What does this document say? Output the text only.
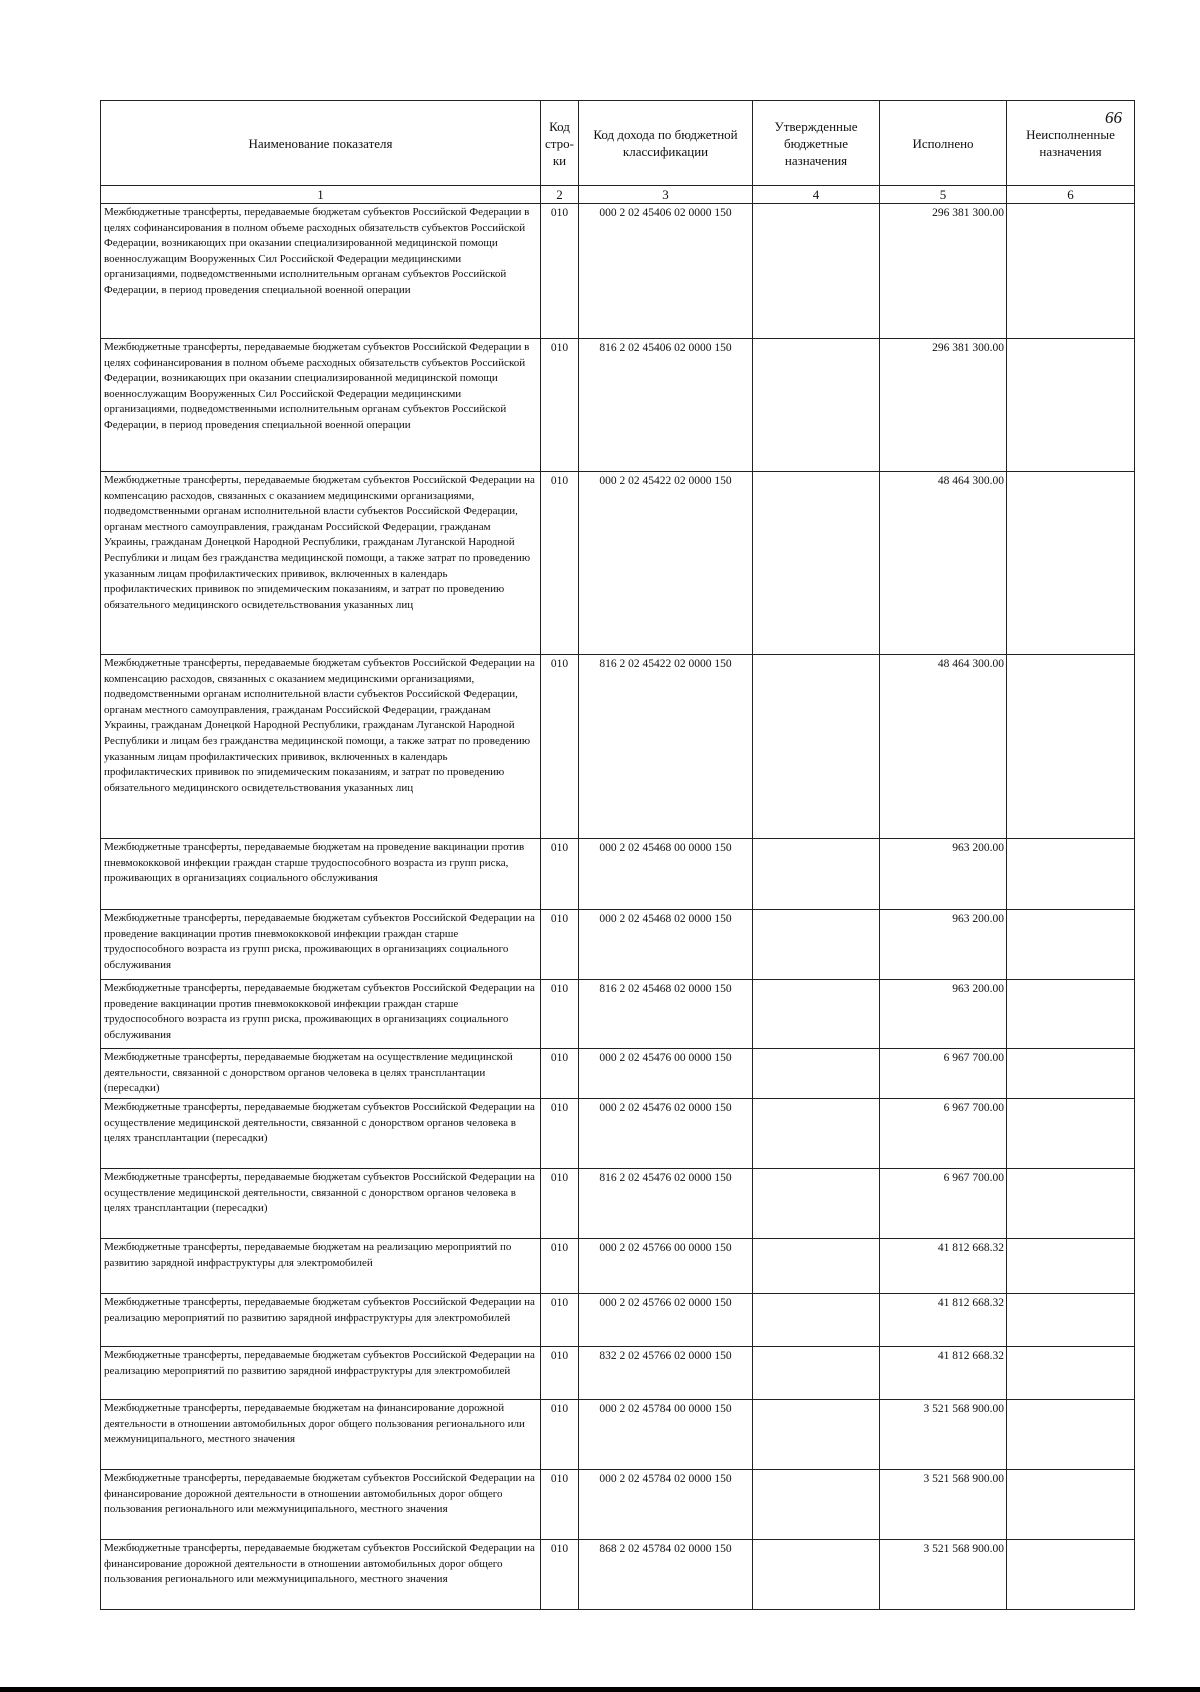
66
Наименование показателя	Код стро-ки	Код дохода по бюджетной классификации	Утвержденные бюджетные назначения	Исполнено	Неисполненные назначения
1	2	3	4	5	6
Межбюджетные трансферты, передаваемые бюджетам субъектов Российской Федерации в целях софинансирования в полном объеме расходных обязательств субъектов Российской Федерации, возникающих при оказании специализированной медицинской помощи военнослужащим Вооруженных Сил Российской Федерации медицинскими организациями, подведомственными исполнительным органам субъектов Российской Федерации, в период проведения специальной военной операции	010	000 2 02 45406 02 0000 150		296 381 300.00	
Межбюджетные трансферты, передаваемые бюджетам субъектов Российской Федерации в целях софинансирования в полном объеме расходных обязательств субъектов Российской Федерации, возникающих при оказании специализированной медицинской помощи военнослужащим Вооруженных Сил Российской Федерации медицинскими организациями, подведомственными исполнительным органам субъектов Российской Федерации, в период проведения специальной военной операции	010	816 2 02 45406 02 0000 150		296 381 300.00	
Межбюджетные трансферты, передаваемые бюджетам субъектов Российской Федерации на компенсацию расходов, связанных с оказанием медицинскими организациями, подведомственными органам исполнительной власти субъектов Российской Федерации, органам местного самоуправления, гражданам Российской Федерации, гражданам Украины, гражданам Донецкой Народной Республики, гражданам Луганской Народной Республики и лицам без гражданства медицинской помощи, а также затрат по проведению указанным лицам профилактических прививок, включенных в календарь профилактических прививок по эпидемическим показаниям, и затрат по проведению обязательного медицинского освидетельствования указанных лиц	010	000 2 02 45422 02 0000 150		48 464 300.00	
Межбюджетные трансферты, передаваемые бюджетам субъектов Российской Федерации на компенсацию расходов, связанных с оказанием медицинскими организациями, подведомственными органам исполнительной власти субъектов Российской Федерации, органам местного самоуправления, гражданам Российской Федерации, гражданам Украины, гражданам Донецкой Народной Республики, гражданам Луганской Народной Республики и лицам без гражданства медицинской помощи, а также затрат по проведению указанным лицам профилактических прививок, включенных в календарь профилактических прививок по эпидемическим показаниям, и затрат по проведению обязательного медицинского освидетельствования указанных лиц	010	816 2 02 45422 02 0000 150		48 464 300.00	
Межбюджетные трансферты, передаваемые бюджетам на проведение вакцинации против пневмококковой инфекции граждан старше трудоспособного возраста из групп риска, проживающих в организациях социального обслуживания	010	000 2 02 45468 00 0000 150		963 200.00	
Межбюджетные трансферты, передаваемые бюджетам субъектов Российской Федерации на проведение вакцинации против пневмококковой инфекции граждан старше трудоспособного возраста из групп риска, проживающих в организациях социального обслуживания	010	000 2 02 45468 02 0000 150		963 200.00	
Межбюджетные трансферты, передаваемые бюджетам субъектов Российской Федерации на проведение вакцинации против пневмококковой инфекции граждан старше трудоспособного возраста из групп риска, проживающих в организациях социального обслуживания	010	816 2 02 45468 02 0000 150		963 200.00	
Межбюджетные трансферты, передаваемые бюджетам на осуществление медицинской деятельности, связанной с донорством органов человека в целях трансплантации (пересадки)	010	000 2 02 45476 00 0000 150		6 967 700.00	
Межбюджетные трансферты, передаваемые бюджетам субъектов Российской Федерации на осуществление медицинской деятельности, связанной с донорством органов человека в целях трансплантации (пересадки)	010	000 2 02 45476 02 0000 150		6 967 700.00	
Межбюджетные трансферты, передаваемые бюджетам субъектов Российской Федерации на осуществление медицинской деятельности, связанной с донорством органов человека в целях трансплантации (пересадки)	010	816 2 02 45476 02 0000 150		6 967 700.00	
Межбюджетные трансферты, передаваемые бюджетам на реализацию мероприятий по развитию зарядной инфраструктуры для электромобилей	010	000 2 02 45766 00 0000 150		41 812 668.32	
Межбюджетные трансферты, передаваемые бюджетам субъектов Российской Федерации на реализацию мероприятий по развитию зарядной инфраструктуры для электромобилей	010	000 2 02 45766 02 0000 150		41 812 668.32	
Межбюджетные трансферты, передаваемые бюджетам субъектов Российской Федерации на реализацию мероприятий по развитию зарядной инфраструктуры для электромобилей	010	832 2 02 45766 02 0000 150		41 812 668.32	
Межбюджетные трансферты, передаваемые бюджетам на финансирование дорожной деятельности в отношении автомобильных дорог общего пользования регионального или межмуниципального, местного значения	010	000 2 02 45784 00 0000 150		3 521 568 900.00	
Межбюджетные трансферты, передаваемые бюджетам субъектов Российской Федерации на финансирование дорожной деятельности в отношении автомобильных дорог общего пользования регионального или межмуниципального, местного значения	010	000 2 02 45784 02 0000 150		3 521 568 900.00	
Межбюджетные трансферты, передаваемые бюджетам субъектов Российской Федерации на финансирование дорожной деятельности в отношении автомобильных дорог общего пользования регионального или межмуниципального, местного значения	010	868 2 02 45784 02 0000 150		3 521 568 900.00	
